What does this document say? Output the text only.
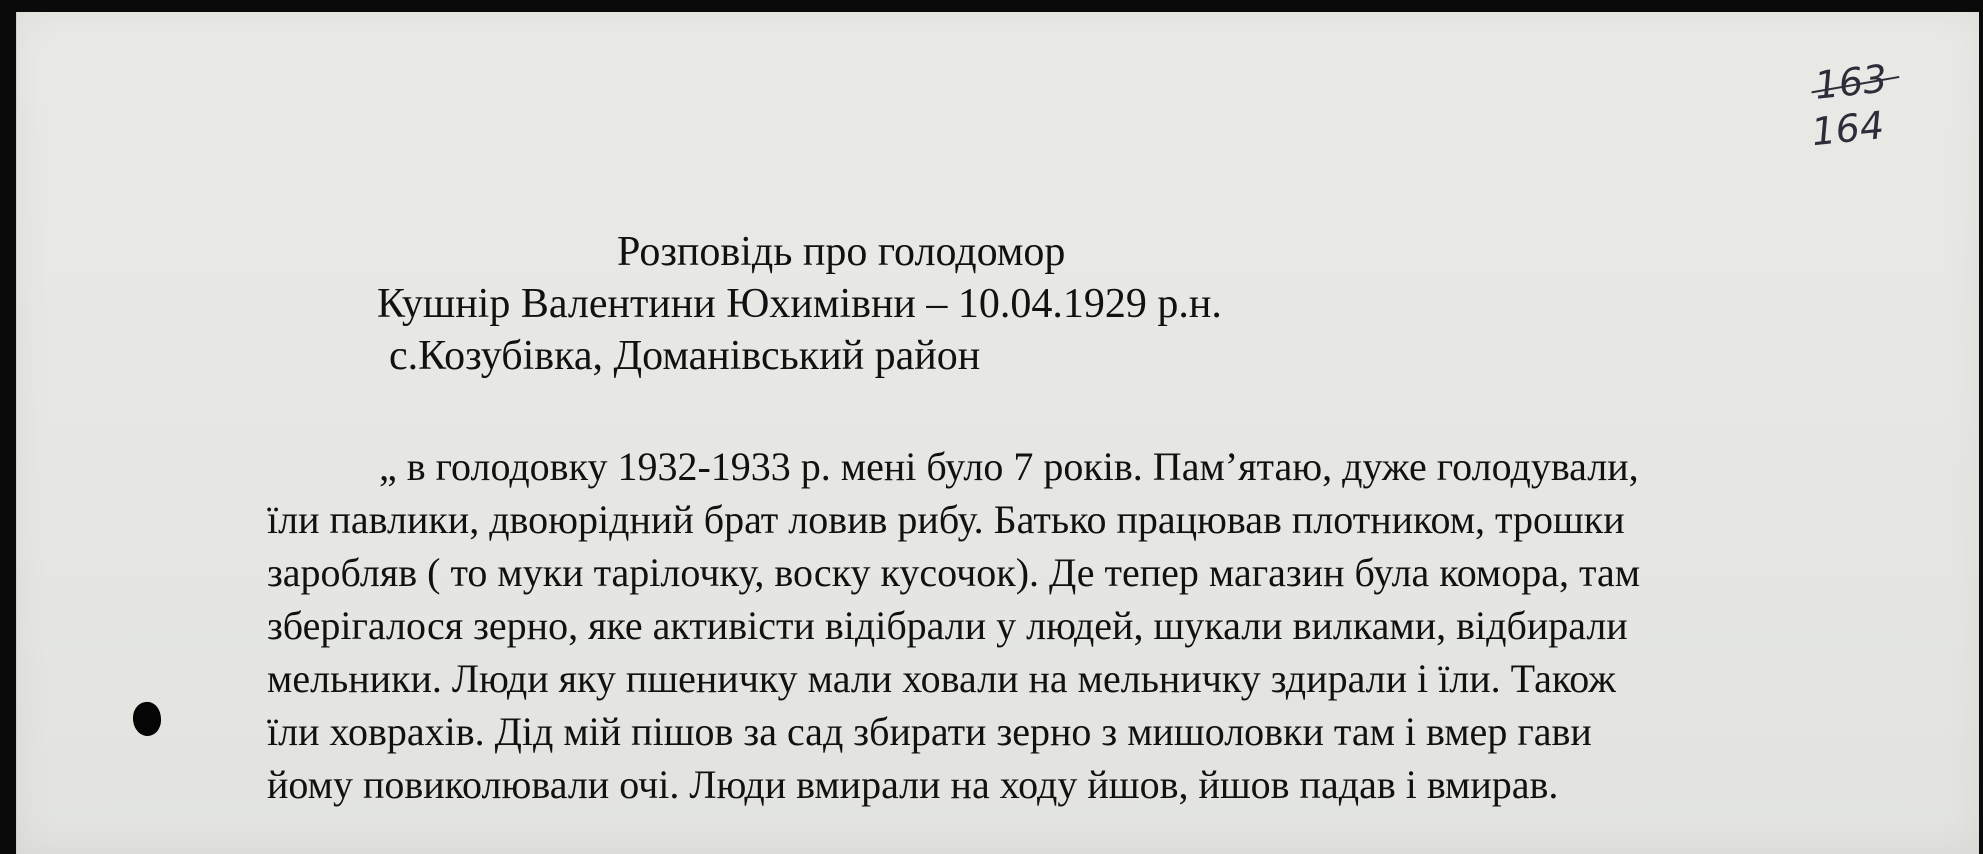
163
164
Розповідь про голодомор
Кушнір Валентини Юхимівни – 10.04.1929 р.н.
с.Козубівка, Доманівський район
„ в голодовку 1932-1933 р. мені було 7 років. Пам’ятаю, дуже голодували,
їли павлики, двоюрідний брат ловив рибу. Батько працював плотником, трошки
заробляв ( то муки тарілочку, воску кусочок). Де тепер магазин була комора, там
зберігалося зерно, яке активісти відібрали у людей, шукали вилками, відбирали
мельники. Люди яку пшеничку мали ховали на мельничку здирали і їли. Також
їли ховрахів. Дід мій пішов за сад збирати зерно з мишоловки там і вмер гави
йому повиколювали очі. Люди вмирали на ходу йшов, йшов падав і вмирав.
